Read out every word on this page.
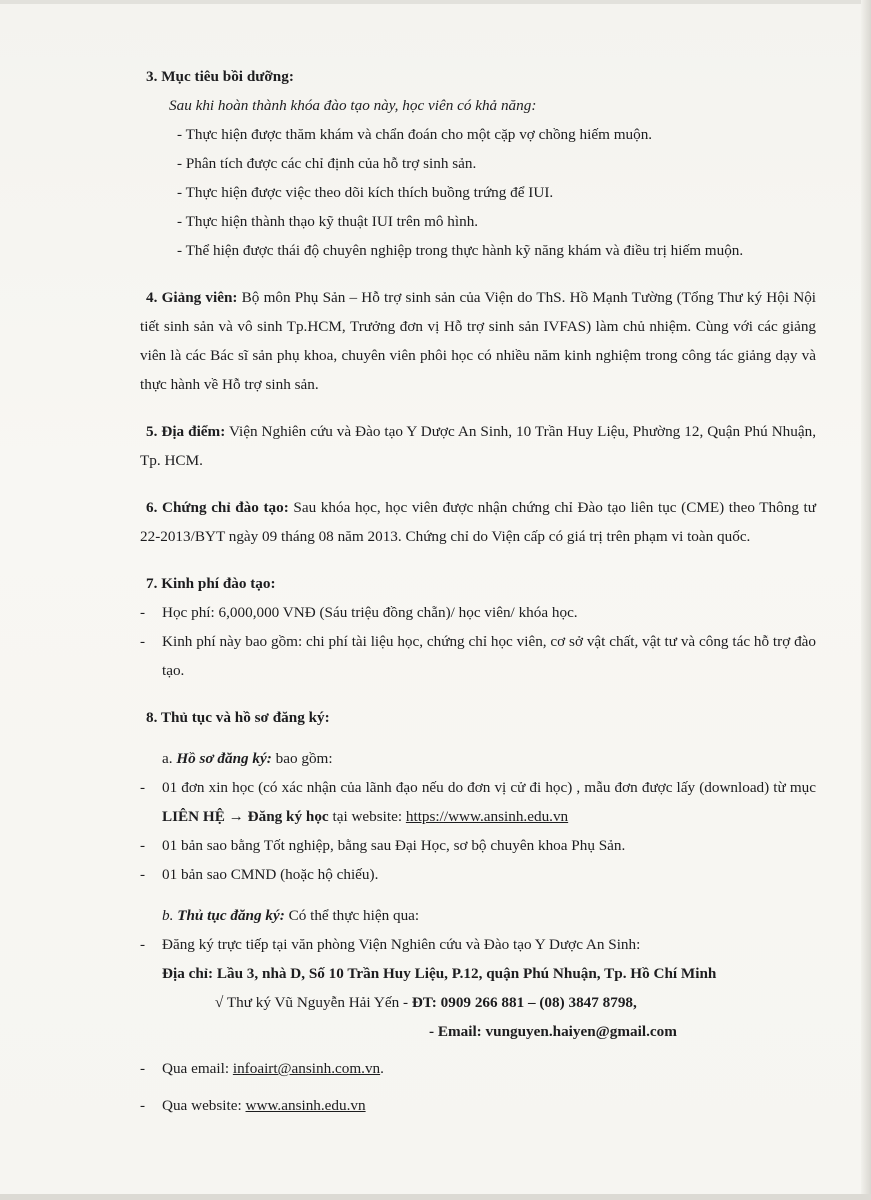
3. Mục tiêu bồi dưỡng:
Sau khi hoàn thành khóa đào tạo này, học viên có khả năng:
- Thực hiện được thăm khám và chẩn đoán cho một cặp vợ chồng hiếm muộn.
- Phân tích được các chỉ định của hỗ trợ sinh sản.
- Thực hiện được việc theo dõi kích thích buồng trứng để IUI.
- Thực hiện thành thạo kỹ thuật IUI trên mô hình.
- Thể hiện được thái độ chuyên nghiệp trong thực hành kỹ năng khám và điều trị hiếm muộn.
4. Giảng viên: Bộ môn Phụ Sản – Hỗ trợ sinh sản của Viện do ThS. Hồ Mạnh Tường (Tổng Thư ký Hội Nội tiết sinh sản và vô sinh Tp.HCM, Trưởng đơn vị Hỗ trợ sinh sản IVFAS) làm chủ nhiệm. Cùng với các giảng viên là các Bác sĩ sản phụ khoa, chuyên viên phôi học có nhiều năm kinh nghiệm trong công tác giảng dạy và thực hành về Hỗ trợ sinh sản.
5. Địa điểm: Viện Nghiên cứu và Đào tạo Y Dược An Sinh, 10 Trần Huy Liệu, Phường 12, Quận Phú Nhuận, Tp. HCM.
6. Chứng chỉ đào tạo: Sau khóa học, học viên được nhận chứng chỉ Đào tạo liên tục (CME) theo Thông tư 22-2013/BYT ngày 09 tháng 08 năm 2013. Chứng chỉ do Viện cấp có giá trị trên phạm vi toàn quốc.
7. Kinh phí đào tạo:
-	Học phí: 6,000,000 VNĐ (Sáu triệu đồng chẵn)/ học viên/ khóa học.
-	Kinh phí này bao gồm: chi phí tài liệu học, chứng chỉ học viên, cơ sở vật chất, vật tư và công tác hỗ trợ đào tạo.
8. Thủ tục và hồ sơ đăng ký:
a. Hồ sơ đăng ký: bao gồm:
-	01 đơn xin học (có xác nhận của lãnh đạo nếu do đơn vị cử đi học) , mẫu đơn được lấy (download) từ mục LIÊN HỆ → Đăng ký học tại website: https://www.ansinh.edu.vn
-	01 bản sao bằng Tốt nghiệp, bằng sau Đại Học, sơ bộ chuyên khoa Phụ Sản.
-	01 bản sao CMND (hoặc hộ chiếu).
b. Thủ tục đăng ký: Có thể thực hiện qua:
-	Đăng ký trực tiếp tại văn phòng Viện Nghiên cứu và Đào tạo Y Dược An Sinh:
Địa chỉ: Lầu 3, nhà D, Số 10 Trần Huy Liệu, P.12, quận Phú Nhuận, Tp. Hồ Chí Minh
√ Thư ký Vũ Nguyễn Hải Yến - ĐT: 0909 266 881 – (08) 3847 8798,
- Email: vunguyen.haiyen@gmail.com
-	Qua email: infoairt@ansinh.com.vn.
-	Qua website: www.ansinh.edu.vn
